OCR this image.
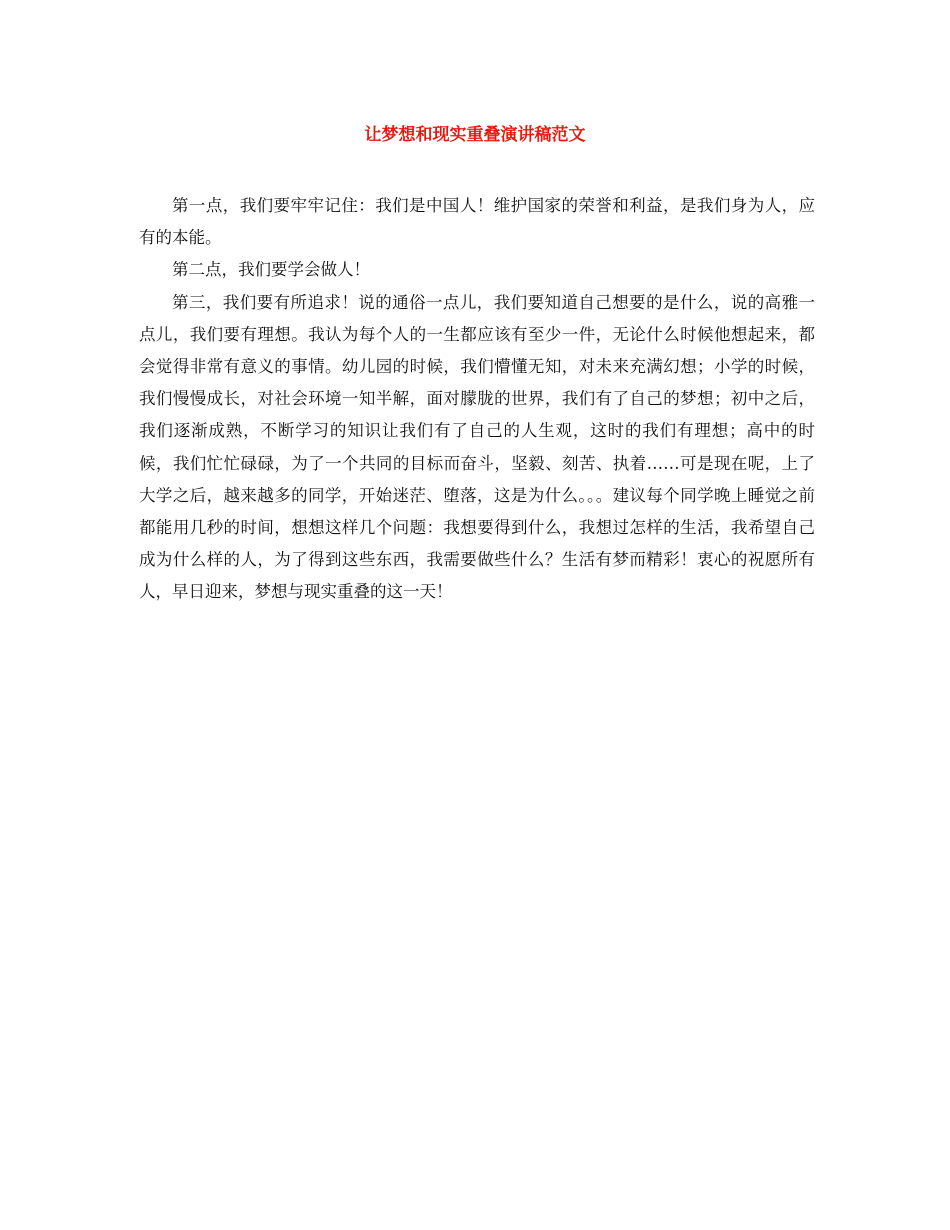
让梦想和现实重叠演讲稿范文

第一点，我们要牢牢记住：我们是中国人！维护国家的荣誉和利益，是我们身为人，应有的本能。

第二点，我们要学会做人！

第三，我们要有所追求！说的通俗一点儿，我们要知道自己想要的是什么，说的高雅一点儿，我们要有理想。我认为每个人的一生都应该有至少一件，无论什么时候他想起来，都会觉得非常有意义的事情。幼儿园的时候，我们懵懂无知，对未来充满幻想；小学的时候，我们慢慢成长，对社会环境一知半解，面对朦胧的世界，我们有了自己的梦想；初中之后，我们逐渐成熟，不断学习的知识让我们有了自己的人生观，这时的我们有理想；高中的时候，我们忙忙碌碌，为了一个共同的目标而奋斗，坚毅、刻苦、执着……可是现在呢，上了大学之后，越来越多的同学，开始迷茫、堕落，这是为什么。。。建议每个同学晚上睡觉之前都能用几秒的时间，想想这样几个问题：我想要得到什么，我想过怎样的生活，我希望自己成为什么样的人，为了得到这些东西，我需要做些什么？生活有梦而精彩！衷心的祝愿所有人，早日迎来，梦想与现实重叠的这一天！
